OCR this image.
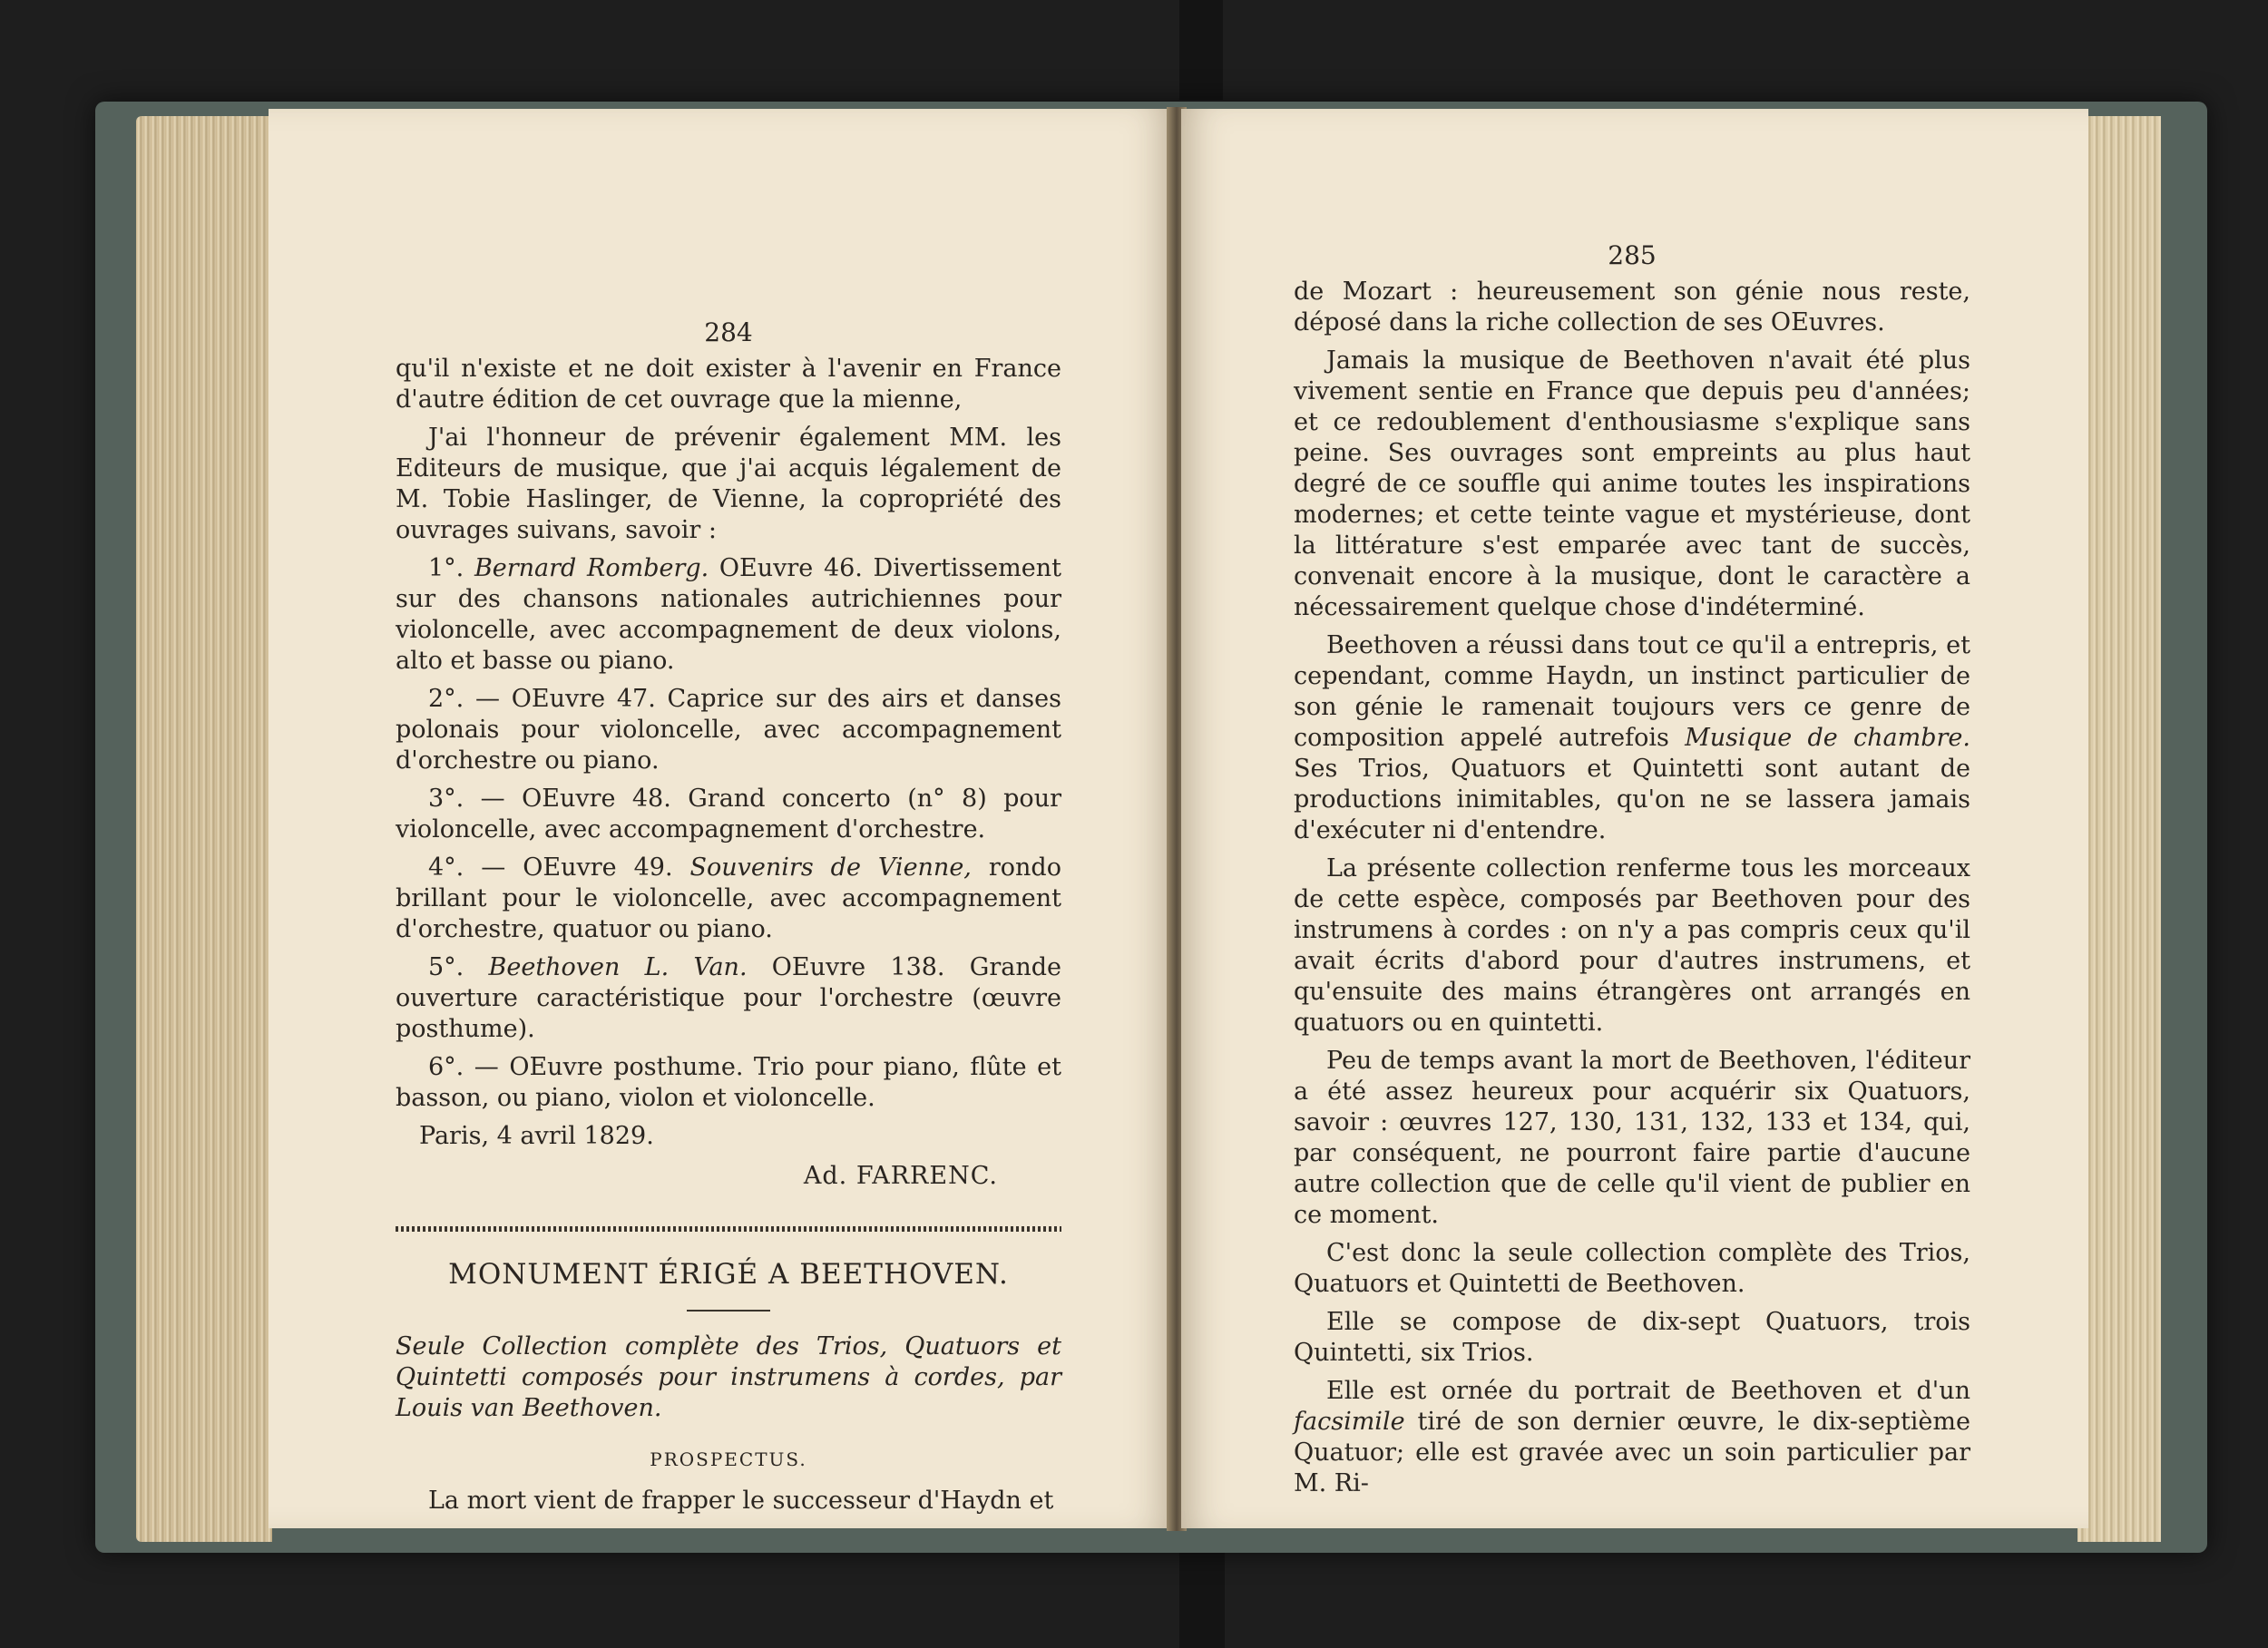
284

qu'il n'existe et ne doit exister à l'avenir en France d'autre édition de cet ouvrage que la mienne,

J'ai l'honneur de prévenir également MM. les Editeurs de musique, que j'ai acquis légalement de M. Tobie Haslinger, de Vienne, la copropriété des ouvrages suivans, savoir :

1°. Bernard Romberg. OEuvre 46. Divertissement sur des chansons nationales autrichiennes pour violoncelle, avec accompagnement de deux violons, alto et basse ou piano.

2°. — OEuvre 47. Caprice sur des airs et danses polonais pour violoncelle, avec accompagnement d'orchestre ou piano.

3°. — OEuvre 48. Grand concerto (n° 8) pour violoncelle, avec accompagnement d'orchestre.

4°. — OEuvre 49. Souvenirs de Vienne, rondo brillant pour le violoncelle, avec accompagnement d'orchestre, quatuor ou piano.

5°. Beethoven L. Van. OEuvre 138. Grande ouverture caractéristique pour l'orchestre (œuvre posthume).

6°. — OEuvre posthume. Trio pour piano, flûte et basson, ou piano, violon et violoncelle.

Paris, 4 avril 1829.

Ad. FARRENC.
MONUMENT ÉRIGÉ A BEETHOVEN.

Seule Collection complète des Trios, Quatuors et Quintetti composés pour instrumens à cordes, par Louis van Beethoven.

PROSPECTUS.

La mort vient de frapper le successeur d'Haydn et

285

de Mozart : heureusement son génie nous reste, déposé dans la riche collection de ses OEuvres.

Jamais la musique de Beethoven n'avait été plus vivement sentie en France que depuis peu d'années; et ce redoublement d'enthousiasme s'explique sans peine. Ses ouvrages sont empreints au plus haut degré de ce souffle qui anime toutes les inspirations modernes; et cette teinte vague et mystérieuse, dont la littérature s'est emparée avec tant de succès, convenait encore à la musique, dont le caractère a nécessairement quelque chose d'indéterminé.

Beethoven a réussi dans tout ce qu'il a entrepris, et cependant, comme Haydn, un instinct particulier de son génie le ramenait toujours vers ce genre de composition appelé autrefois Musique de chambre. Ses Trios, Quatuors et Quintetti sont autant de productions inimitables, qu'on ne se lassera jamais d'exécuter ni d'entendre.

La présente collection renferme tous les morceaux de cette espèce, composés par Beethoven pour des instrumens à cordes : on n'y a pas compris ceux qu'il avait écrits d'abord pour d'autres instrumens, et qu'ensuite des mains étrangères ont arrangés en quatuors ou en quintetti.

Peu de temps avant la mort de Beethoven, l'éditeur a été assez heureux pour acquérir six Quatuors, savoir : œuvres 127, 130, 131, 132, 133 et 134, qui, par conséquent, ne pourront faire partie d'aucune autre collection que de celle qu'il vient de publier en ce moment.

C'est donc la seule collection complète des Trios, Quatuors et Quintetti de Beethoven.

Elle se compose de dix-sept Quatuors, trois Quintetti, six Trios.

Elle est ornée du portrait de Beethoven et d'un facsimile tiré de son dernier œuvre, le dix-septième Quatuor; elle est gravée avec un soin particulier par M. Ri-
